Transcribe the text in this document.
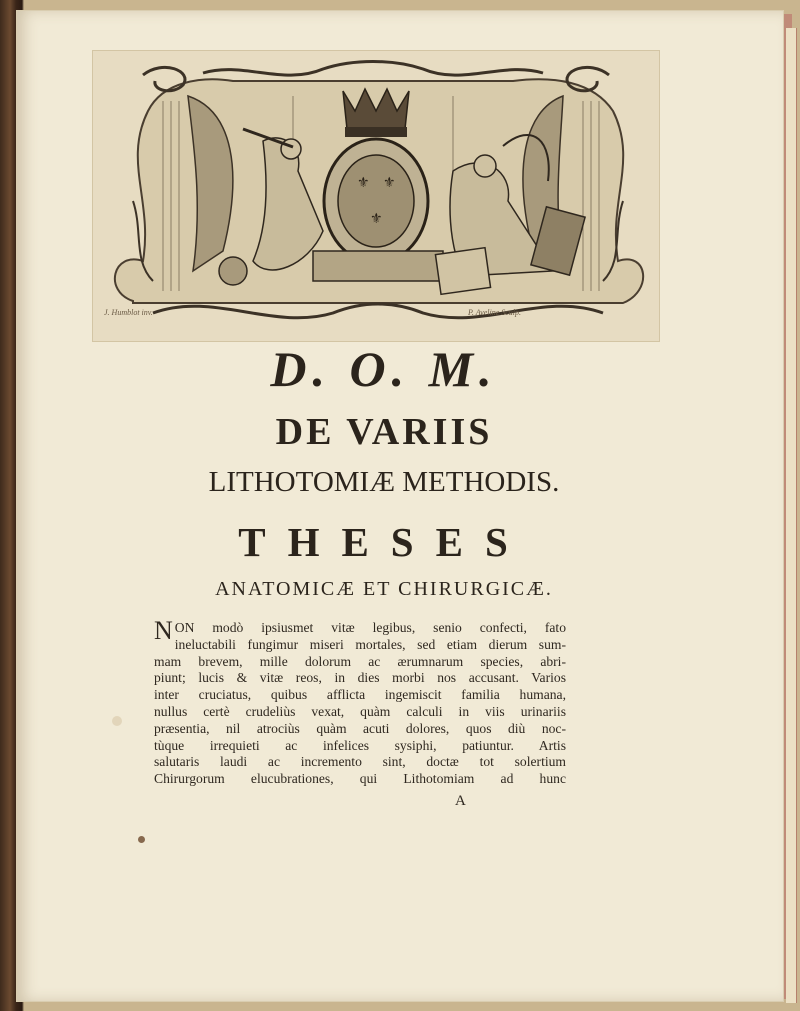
⚜ ⚜
⚜
J. Humblot inv.	P. Aveline Sculp.
D. O. M.
DE VARIIS
LITHOTOMIÆ METHODIS.
THESES
ANATOMICÆ ET CHIRURGICÆ.
N ON modò ipsiusmet vitæ legibus, senio confecti, fato
ineluctabili fungimur miseri mortales, sed etiam dierum sum-
mam brevem, mille dolorum ac ærumnarum species, abri-
piunt; lucis & vitæ reos, in dies morbi nos accusant. Varios
inter cruciatus, quibus afflicta ingemiscit familia humana,
nullus certè crudeliùs vexat, quàm calculi in viis urinariis
præsentia, nil atrociùs quàm acuti dolores, quos diù noc-
tùque irrequieti ac infelices sysiphi, patiuntur. Artis
salutaris laudi ac incremento sint, doctæ tot solertium
Chirurgorum elucubrationes, qui Lithotomiam ad hunc
A
